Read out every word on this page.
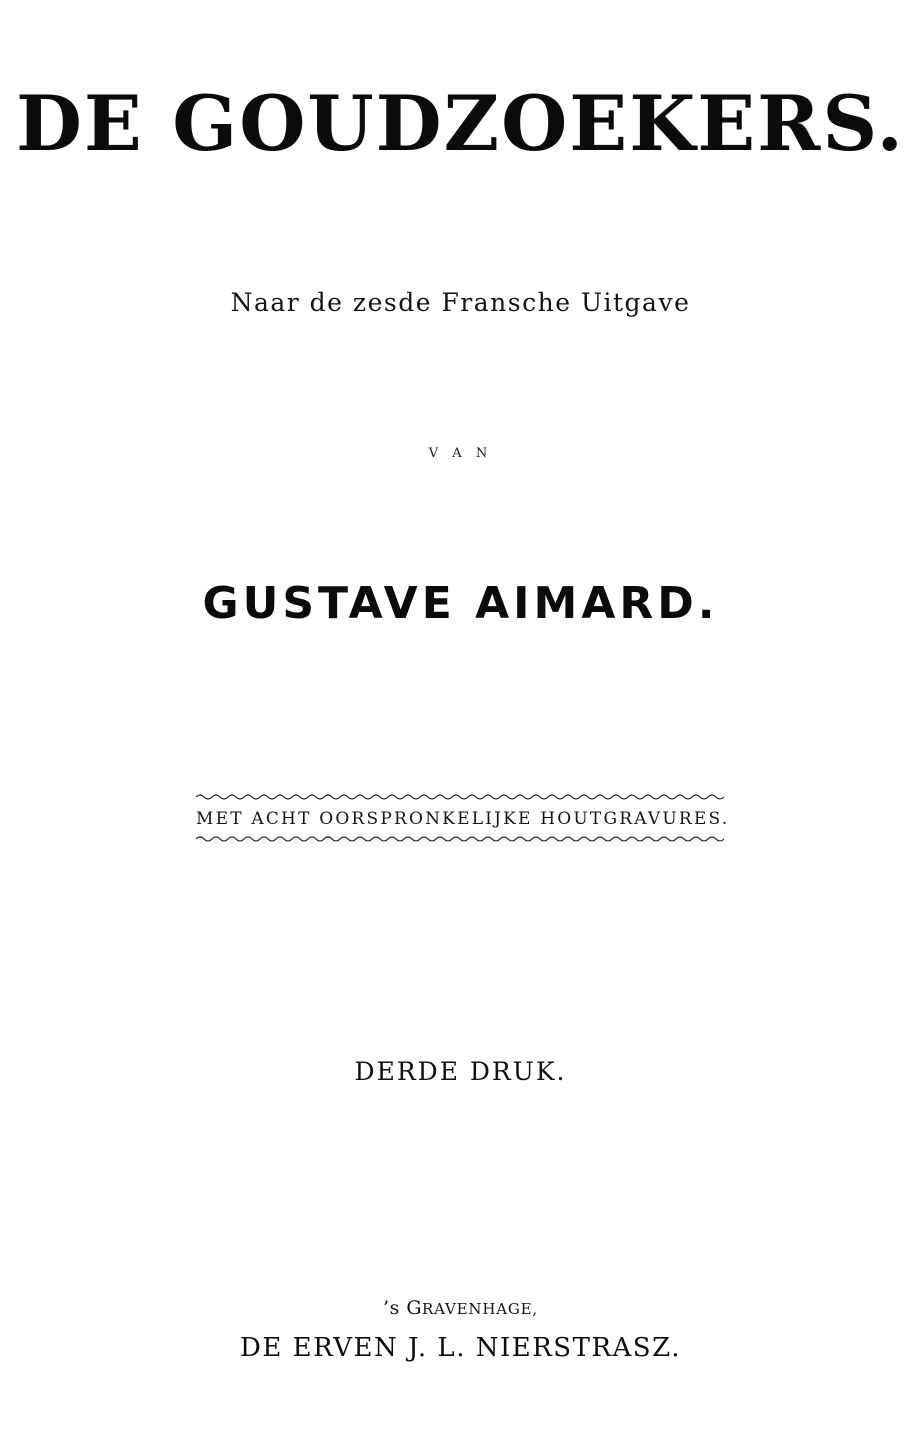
DE GOUDZOEKERS.
Naar de zesde Fransche Uitgave
V A N
GUSTAVE AIMARD.
MET ACHT OORSPRONKELIJKE HOUTGRAVURES.
DERDE DRUK.
’s GRAVENHAGE,
DE ERVEN J. L. NIERSTRASZ.
